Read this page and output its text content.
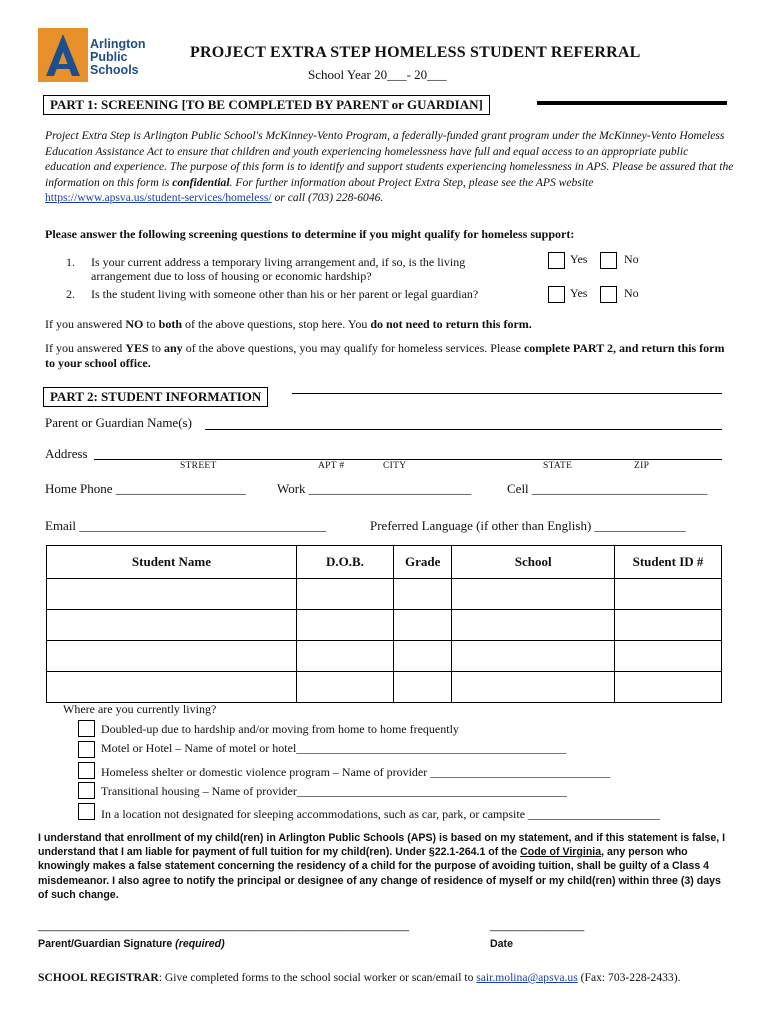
Arlington
Public
Schools
PROJECT EXTRA STEP HOMELESS STUDENT REFERRAL
School Year 20___- 20___
PART 1: SCREENING [TO BE COMPLETED BY PARENT or GUARDIAN]
Project Extra Step is Arlington Public School's McKinney-Vento Program, a federally-funded grant program under the McKinney-Vento Homeless Education Assistance Act to ensure that children and youth experiencing homelessness have full and equal access to an appropriate public education and experience. The purpose of this form is to identify and support students experiencing homelessness in APS. Please be assured that the information on this form is confidential. For further information about Project Extra Step, please see the APS website https://www.apsva.us/student-services/homeless/ or call (703) 228-6046.
Please answer the following screening questions to determine if you might qualify for homeless support:
1. Is your current address a temporary living arrangement and, if so, is the living arrangement due to loss of housing or economic hardship?
2. Is the student living with someone other than his or her parent or legal guardian?
Yes	No
Yes	No
If you answered NO to both of the above questions, stop here. You do not need to return this form.
If you answered YES to any of the above questions, you may qualify for homeless services. Please complete PART 2, and return this form to your school office.
PART 2: STUDENT INFORMATION
Parent or Guardian Name(s)
Address
STREET	APT #	CITY	STATE	ZIP
Home Phone ____________________ Work _________________________	Cell ___________________________
Email ______________________________________	Preferred Language (if other than English) ______________
Student Name	D.O.B.	Grade	School	Student ID #

Where are you currently living?
Doubled-up due to hardship and/or moving from home to home frequently
Motel or Hotel – Name of motel or hotel_____________________________________________
Homeless shelter or domestic violence program – Name of provider ______________________________
Transitional housing – Name of provider_____________________________________________
In a location not designated for sleeping accommodations, such as car, park, or campsite ______________________
I understand that enrollment of my child(ren) in Arlington Public Schools (APS) is based on my statement, and if this statement is false, I understand that I am liable for payment of full tuition for my child(ren). Under §22.1-264.1 of the Code of Virginia, any person who knowingly makes a false statement concerning the residency of a child for the purpose of avoiding tuition, shall be guilty of a Class 4 misdemeanor. I also agree to notify the principal or designee of any change of residence of myself or my child(ren) within three (3) days of such change.
_______________________________________________________________	________________
Parent/Guardian Signature (required)	Date
SCHOOL REGISTRAR: Give completed forms to the school social worker or scan/email to sair.molina@apsva.us (Fax: 703-228-2433).
